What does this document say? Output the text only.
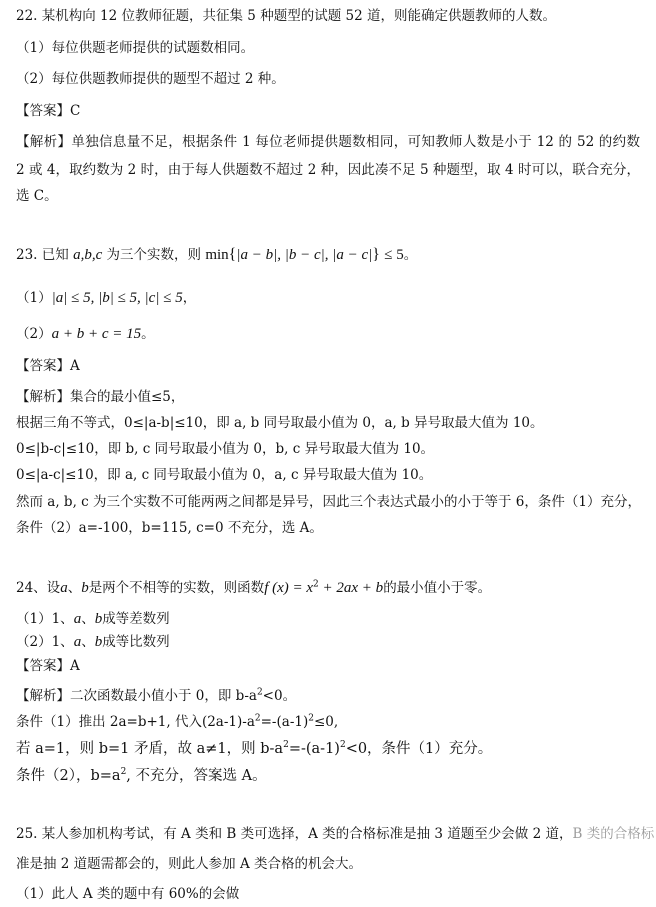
22. 某机构向 12 位教师征题，共征集 5 种题型的试题 52 道，则能确定供题教师的人数。
（1）每位供题老师提供的试题数相同。
（2）每位供题教师提供的题型不超过 2 种。
【答案】C
【解析】单独信息量不足，根据条件 1 每位老师提供题数相同，可知教师人数是小于 12 的 52 的约数
2 或 4，取约数为 2 时，由于每人供题数不超过 2 种，因此凑不足 5 种题型，取 4 时可以，联合充分，
选 C。
23. 已知 a,b,c 为三个实数，则 min{|a − b|, |b − c|, |a − c|} ≤ 5。
（1）|a| ≤ 5, |b| ≤ 5, |c| ≤ 5，
（2）a + b + c = 15。
【答案】A
【解析】集合的最小值≤5，
根据三角不等式，0≤|a-b|≤10，即 a, b 同号取最小值为 0，a, b 异号取最大值为 10。
0≤|b-c|≤10，即 b, c 同号取最小值为 0，b, c 异号取最大值为 10。
0≤|a-c|≤10，即 a, c 同号取最小值为 0，a, c 异号取最大值为 10。
然而 a, b, c 为三个实数不可能两两之间都是异号，因此三个表达式最小的小于等于 6，条件（1）充分，
条件（2）a=-100，b=115, c=0 不充分，选 A。
24、设a、b是两个不相等的实数，则函数f $(x) = x^2 + 2ax + b$的最小值小于零。
（1）1、a、b成等差数列
（2）1、a、b成等比数列
【答案】A
【解析】二次函数最小值小于 0，即 $b-a^2<0$。
条件（1）推出 2a=b+1, 代入$(2a-1)-a^2=-(a-1)^2\le 0$,
若 a=1，则 b=1 矛盾，故 a≠1，则 $b-a^2=-(a-1)^2<0$，条件（1）充分。
条件（2），$b=a^2$, 不充分，答案选 A。
25. 某人参加机构考试，有 A 类和 B 类可选择，A 类的合格标准是抽 3 道题至少会做 2 道，B 类的合格标
准是抽 2 道题需都会的，则此人参加 A 类合格的机会大。
（1）此人 A 类的题中有 60%的会做
